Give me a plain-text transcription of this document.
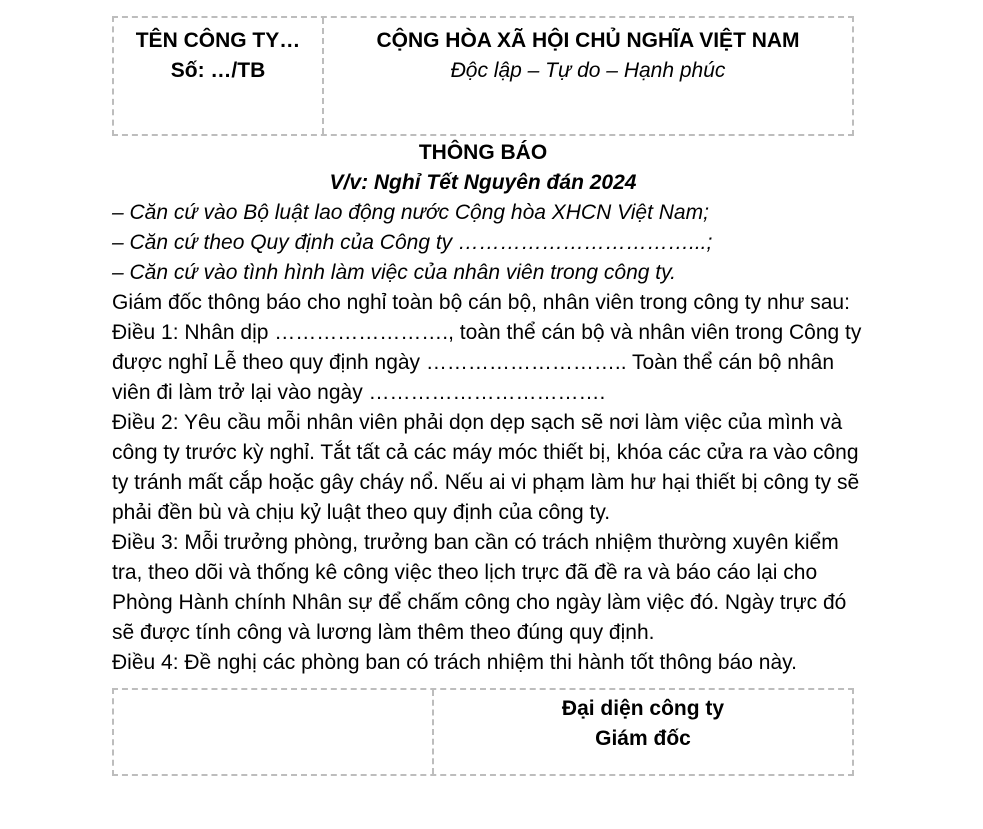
TÊN CÔNG TY…
Số: …/TB
CỘNG HÒA XÃ HỘI CHỦ NGHĨA VIỆT NAM
Độc lập – Tự do – Hạnh phúc
THÔNG BÁO
V/v: Nghỉ Tết Nguyên đán 2024
– Căn cứ vào Bộ luật lao động nước Cộng hòa XHCN Việt Nam;
– Căn cứ theo Quy định của Công ty ……………………………...;
– Căn cứ vào tình hình làm việc của nhân viên trong công ty.

Giám đốc thông báo cho nghỉ toàn bộ cán bộ, nhân viên trong công ty như sau:

Điều 1: Nhân dịp ……………………., toàn thể cán bộ và nhân viên trong Công ty được nghỉ Lễ theo quy định ngày ……………………….. Toàn thể cán bộ nhân viên đi làm trở lại vào ngày …………………………….

Điều 2: Yêu cầu mỗi nhân viên phải dọn dẹp sạch sẽ nơi làm việc của mình và công ty trước kỳ nghỉ. Tắt tất cả các máy móc thiết bị, khóa các cửa ra vào công ty tránh mất cắp hoặc gây cháy nổ. Nếu ai vi phạm làm hư hại thiết bị công ty sẽ phải đền bù và chịu kỷ luật theo quy định của công ty.

Điều 3: Mỗi trưởng phòng, trưởng ban cần có trách nhiệm thường xuyên kiểm tra, theo dõi và thống kê công việc theo lịch trực đã đề ra và báo cáo lại cho Phòng Hành chính Nhân sự để chấm công cho ngày làm việc đó. Ngày trực đó sẽ được tính công và lương làm thêm theo đúng quy định.

Điều 4: Đề nghị các phòng ban có trách nhiệm thi hành tốt thông báo này.

Đại diện công ty
Giám đốc
